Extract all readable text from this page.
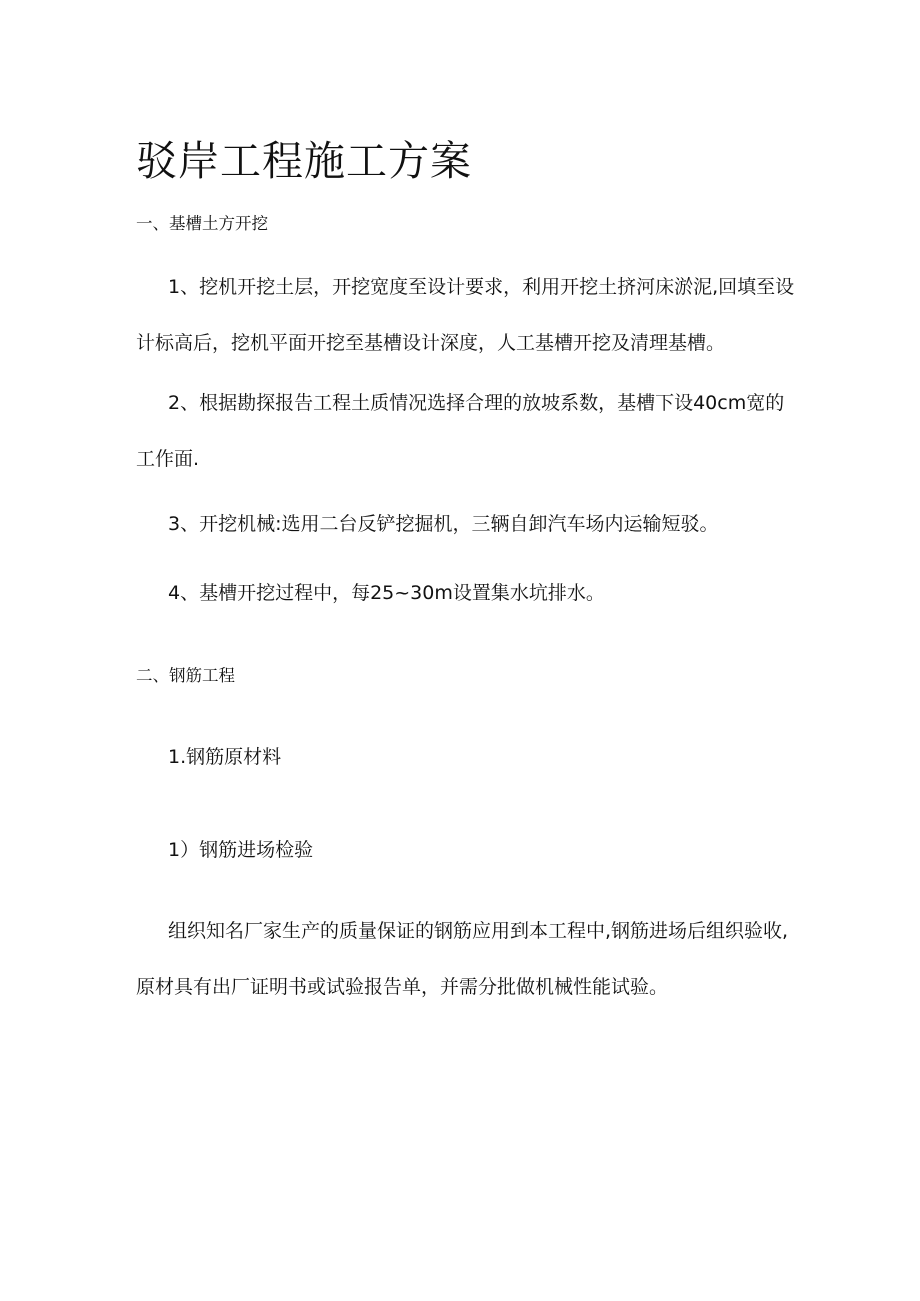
驳岸工程施工方案
一、基槽土方开挖

1、挖机开挖土层，开挖宽度至设计要求，利用开挖土挤河床淤泥,回填至设计标高后，挖机平面开挖至基槽设计深度，人工基槽开挖及清理基槽。

2、根据勘探报告工程土质情况选择合理的放坡系数，基槽下设40cm宽的工作面.

3、开挖机械:选用二台反铲挖掘机，三辆自卸汽车场内运输短驳。

4、基槽开挖过程中，每25~30m设置集水坑排水。

二、钢筋工程

1.钢筋原材料

1）钢筋进场检验

组织知名厂家生产的质量保证的钢筋应用到本工程中,钢筋进场后组织验收,原材具有出厂证明书或试验报告单，并需分批做机械性能试验。
